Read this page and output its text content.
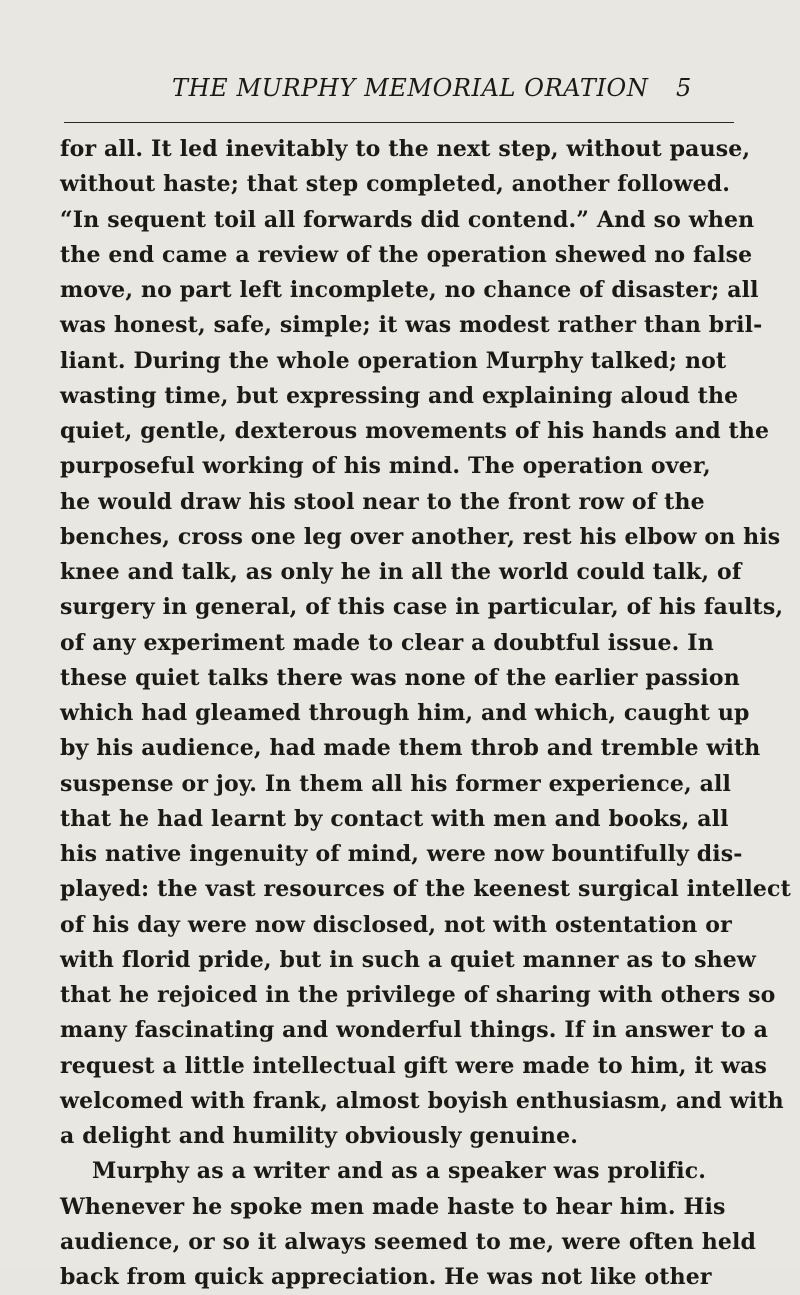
THE MURPHY MEMORIAL ORATION 5
for all. It led inevitably to the next step, without pause,
without haste; that step completed, another followed.
“In sequent toil all forwards did contend.” And so when
the end came a review of the operation shewed no false
move, no part left incomplete, no chance of disaster; all
was honest, safe, simple; it was modest rather than bril-
liant. During the whole operation Murphy talked; not
wasting time, but expressing and explaining aloud the
quiet, gentle, dexterous movements of his hands and the
purposeful working of his mind. The operation over,
he would draw his stool near to the front row of the
benches, cross one leg over another, rest his elbow on his
knee and talk, as only he in all the world could talk, of
surgery in general, of this case in particular, of his faults,
of any experiment made to clear a doubtful issue. In
these quiet talks there was none of the earlier passion
which had gleamed through him, and which, caught up
by his audience, had made them throb and tremble with
suspense or joy. In them all his former experience, all
that he had learnt by contact with men and books, all
his native ingenuity of mind, were now bountifully dis-
played: the vast resources of the keenest surgical intellect
of his day were now disclosed, not with ostentation or
with florid pride, but in such a quiet manner as to shew
that he rejoiced in the privilege of sharing with others so
many fascinating and wonderful things. If in answer to a
request a little intellectual gift were made to him, it was
welcomed with frank, almost boyish enthusiasm, and with
a delight and humility obviously genuine.
Murphy as a writer and as a speaker was prolific.
Whenever he spoke men made haste to hear him. His
audience, or so it always seemed to me, were often held
back from quick appreciation. He was not like other
